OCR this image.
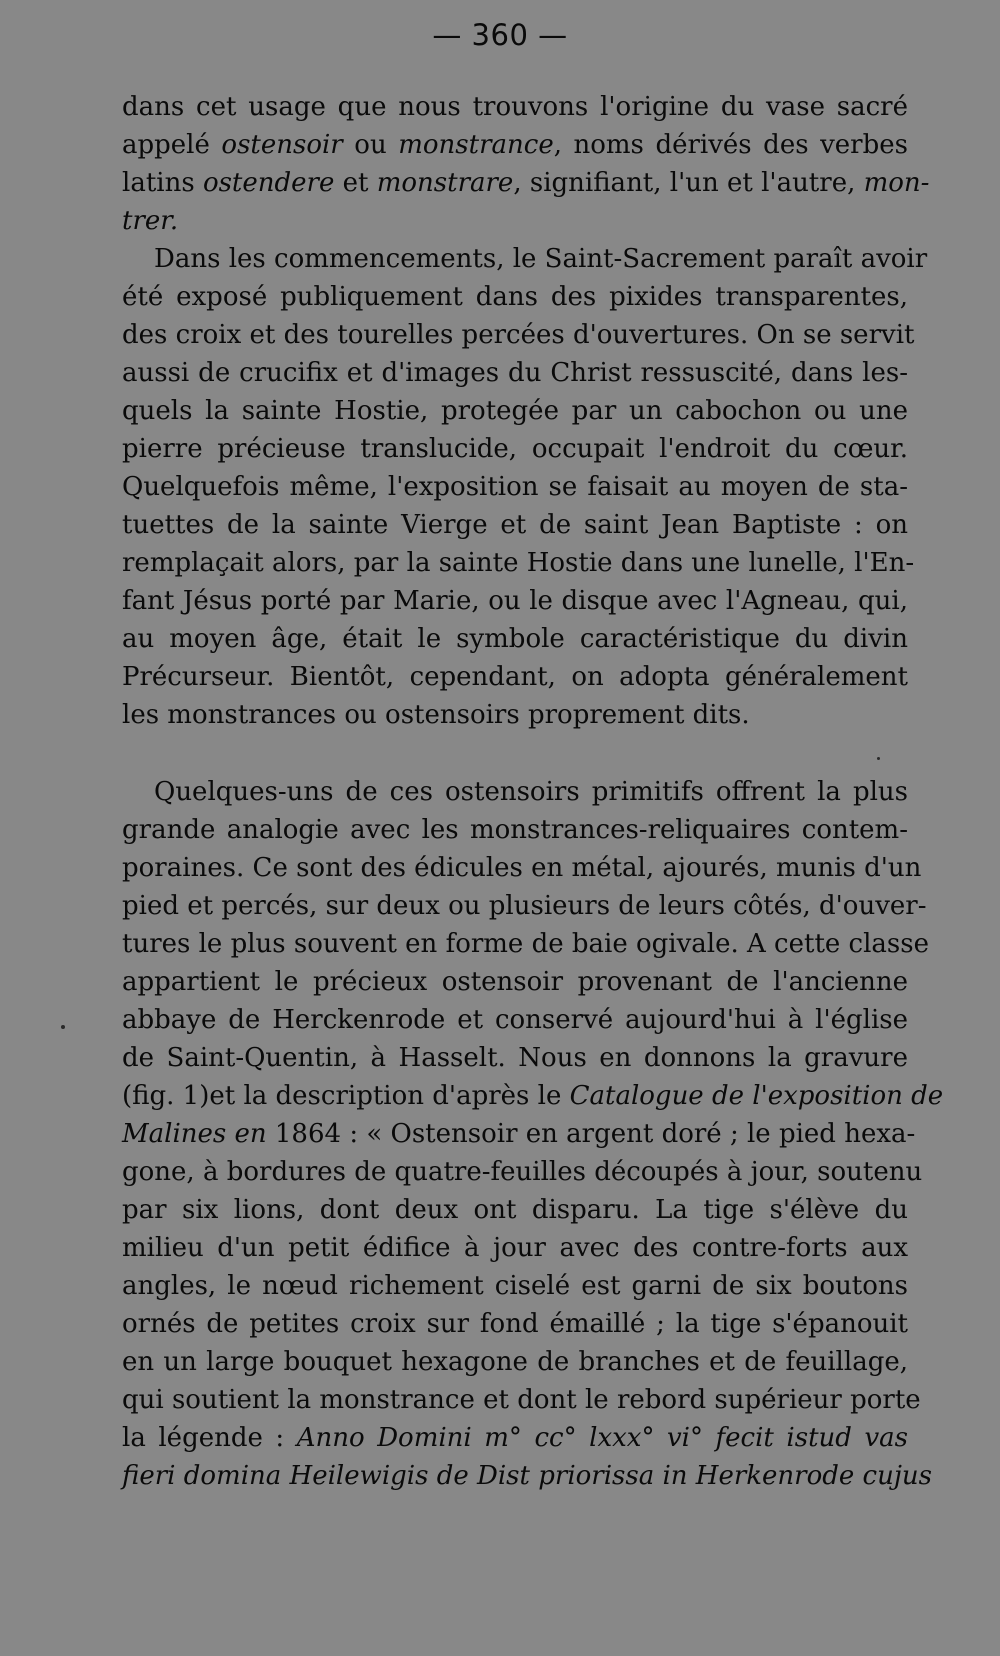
— 360 —
dans cet usage que nous trouvons l'origine du vase sacré
appelé ostensoir ou monstrance, noms dérivés des verbes
latins ostendere et monstrare, signifiant, l'un et l'autre, mon-
trer.
Dans les commencements, le Saint-Sacrement paraît avoir
été exposé publiquement dans des pixides transparentes,
des croix et des tourelles percées d'ouvertures. On se servit
aussi de crucifix et d'images du Christ ressuscité, dans les-
quels la sainte Hostie, protegée par un cabochon ou une
pierre précieuse translucide, occupait l'endroit du cœur.
Quelquefois même, l'exposition se faisait au moyen de sta-
tuettes de la sainte Vierge et de saint Jean Baptiste : on
remplaçait alors, par la sainte Hostie dans une lunelle, l'En-
fant Jésus porté par Marie, ou le disque avec l'Agneau, qui,
au moyen âge, était le symbole caractéristique du divin
Précurseur. Bientôt, cependant, on adopta généralement
les monstrances ou ostensoirs proprement dits.
Quelques-uns de ces ostensoirs primitifs offrent la plus
grande analogie avec les monstrances-reliquaires contem-
poraines. Ce sont des édicules en métal, ajourés, munis d'un
pied et percés, sur deux ou plusieurs de leurs côtés, d'ouver-
tures le plus souvent en forme de baie ogivale. A cette classe
appartient le précieux ostensoir provenant de l'ancienne
abbaye de Herckenrode et conservé aujourd'hui à l'église
de Saint-Quentin, à Hasselt. Nous en donnons la gravure
(fig. 1)et la description d'après le Catalogue de l'exposition de
Malines en 1864 : « Ostensoir en argent doré ; le pied hexa-
gone, à bordures de quatre-feuilles découpés à jour, soutenu
par six lions, dont deux ont disparu. La tige s'élève du
milieu d'un petit édifice à jour avec des contre-forts aux
angles, le nœud richement ciselé est garni de six boutons
ornés de petites croix sur fond émaillé ; la tige s'épanouit
en un large bouquet hexagone de branches et de feuillage,
qui soutient la monstrance et dont le rebord supérieur porte
la légende : Anno Domini m° cc° lxxx° vi° fecit istud vas
fieri domina Heilewigis de Dist priorissa in Herkenrode cujus
